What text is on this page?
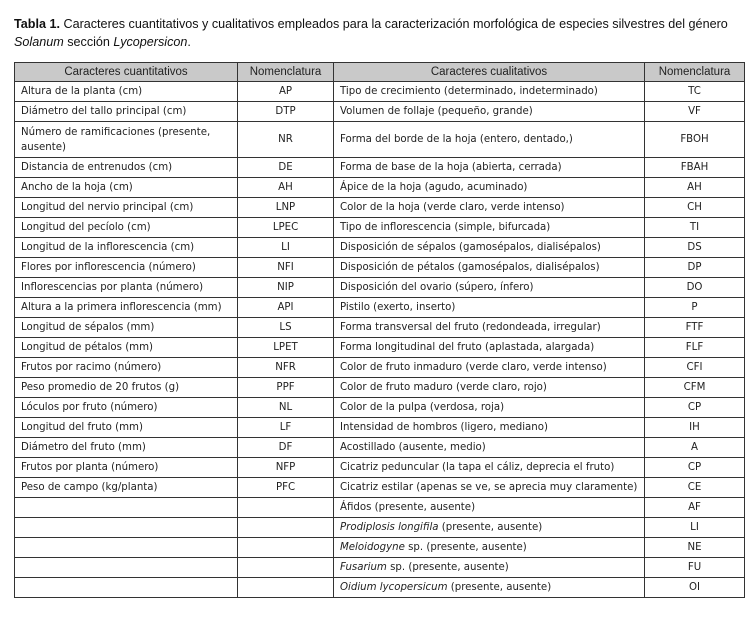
Tabla 1. Caracteres cuantitativos y cualitativos empleados para la caracterización morfológica de especies silvestres del género Solanum sección Lycopersicon.
Caracteres cuantitativos	Nomenclatura	Caracteres cualitativos	Nomenclatura
Altura de la planta (cm)	AP	Tipo de crecimiento (determinado, indeterminado)	TC
Diámetro del tallo principal (cm)	DTP	Volumen de follaje (pequeño, grande)	VF
Número de ramificaciones (presente, ausente)	NR	Forma del borde de la hoja (entero, dentado,)	FBOH
Distancia de entrenudos (cm)	DE	Forma de base de la hoja (abierta, cerrada)	FBAH
Ancho de la hoja (cm)	AH	Ápice de la hoja (agudo, acuminado)	AH
Longitud del nervio principal (cm)	LNP	Color de la hoja (verde claro, verde intenso)	CH
Longitud del pecíolo (cm)	LPEC	Tipo de inflorescencia (simple, bifurcada)	TI
Longitud de la inflorescencia (cm)	LI	Disposición de sépalos (gamosépalos, dialisépalos)	DS
Flores por inflorescencia (número)	NFI	Disposición de pétalos (gamosépalos, dialisépalos)	DP
Inflorescencias por planta (número)	NIP	Disposición del ovario (súpero, ínfero)	DO
Altura a la primera inflorescencia (mm)	API	Pistilo (exerto, inserto)	P
Longitud de sépalos (mm)	LS	Forma transversal del fruto (redondeada, irregular)	FTF
Longitud de pétalos (mm)	LPET	Forma longitudinal del fruto (aplastada, alargada)	FLF
Frutos por racimo (número)	NFR	Color de fruto inmaduro (verde claro, verde intenso)	CFI
Peso promedio de 20 frutos (g)	PPF	Color de fruto maduro (verde claro, rojo)	CFM
Lóculos por fruto (número)	NL	Color de la pulpa (verdosa, roja)	CP
Longitud del fruto (mm)	LF	Intensidad de hombros (ligero, mediano)	IH
Diámetro del fruto (mm)	DF	Acostillado (ausente, medio)	A
Frutos por planta (número)	NFP	Cicatriz peduncular (la tapa el cáliz, deprecia el fruto)	CP
Peso de campo (kg/planta)	PFC	Cicatriz estilar (apenas se ve, se aprecia muy claramente)	CE
		Áfidos (presente, ausente)	AF
		Prodiplosis longifila (presente, ausente)	LI
		Meloidogyne sp. (presente, ausente)	NE
		Fusarium sp. (presente, ausente)	FU
		Oidium lycopersicum (presente, ausente)	OI
